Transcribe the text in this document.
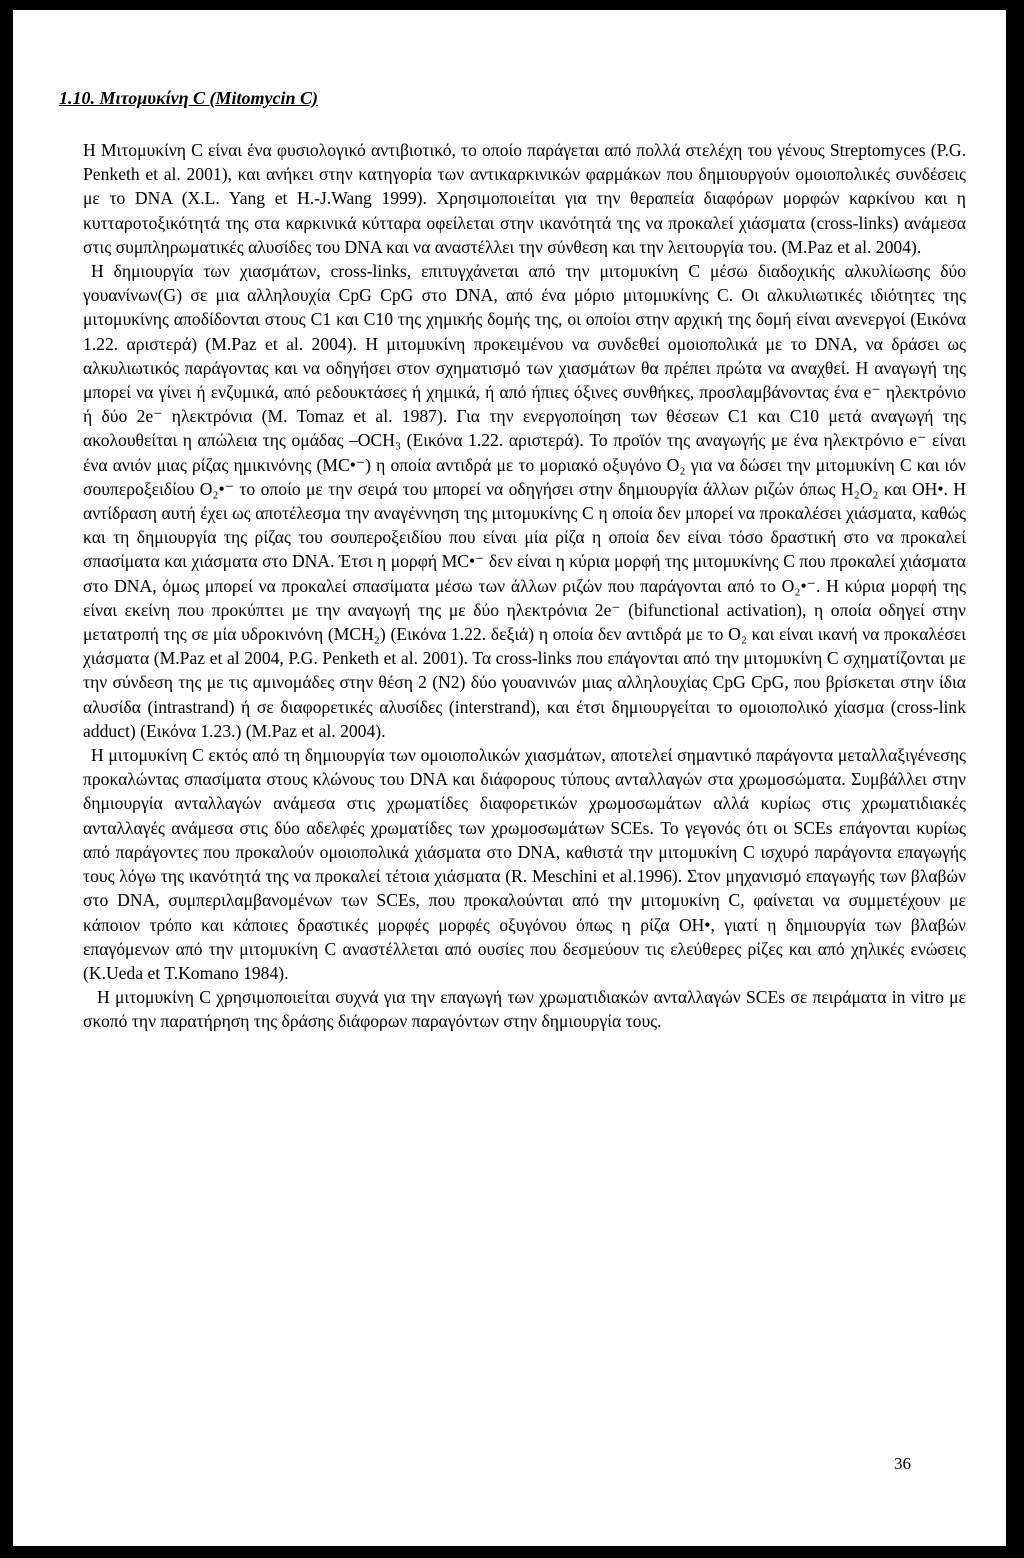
1.10. Μιτομυκίνη C (Mitomycin C)

Η Μιτομυκίνη C είναι ένα φυσιολογικό αντιβιοτικό, το οποίο παράγεται από πολλά στελέχη του γένους Streptomyces (P.G. Penketh et al. 2001), και ανήκει στην κατηγορία των αντικαρκινικών φαρμάκων που δημιουργούν ομοιοπολικές συνδέσεις με το DNA (X.L. Yang et H.-J.Wang 1999). Χρησιμοποιείται για την θεραπεία διαφόρων μορφών καρκίνου και η κυτταροτοξικότητά της στα καρκινικά κύτταρα οφείλεται στην ικανότητά της να προκαλεί χιάσματα (cross-links) ανάμεσα στις συμπληρωματικές αλυσίδες του DNA και να αναστέλλει την σύνθεση και την λειτουργία του. (M.Paz et al. 2004).

Η δημιουργία των χιασμάτων, cross-links, επιτυγχάνεται από την μιτομυκίνη C μέσω διαδοχικής αλκυλίωσης δύο γουανίνων(G) σε μια αλληλουχία CpG CpG στο DNA, από ένα μόριο μιτομυκίνης C. Οι αλκυλιωτικές ιδιότητες της μιτομυκίνης αποδίδονται στους C1 και C10 της χημικής δομής της, οι οποίοι στην αρχική της δομή είναι ανενεργοί (Εικόνα 1.22. αριστερά) (M.Paz et al. 2004). Η μιτομυκίνη προκειμένου να συνδεθεί ομοιοπολικά με το DNA, να δράσει ως αλκυλιωτικός παράγοντας και να οδηγήσει στον σχηματισμό των χιασμάτων θα πρέπει πρώτα να αναχθεί. Η αναγωγή της μπορεί να γίνει ή ενζυμικά, από ρεδουκτάσες ή χημικά, ή από ήπιες όξινες συνθήκες, προσλαμβάνοντας ένα e⁻ ηλεκτρόνιο ή δύο 2e⁻ ηλεκτρόνια (M. Tomaz et al. 1987). Για την ενεργοποίηση των θέσεων C1 και C10 μετά αναγωγή της ακολουθείται η απώλεια της ομάδας –OCH₃ (Εικόνα 1.22. αριστερά). Το προϊόν της αναγωγής με ένα ηλεκτρόνιο e⁻ είναι ένα ανιόν μιας ρίζας ημικινόνης (MC•⁻) η οποία αντιδρά με το μοριακό οξυγόνο O₂ για να δώσει την μιτομυκίνη C και ιόν σουπεροξειδίου O₂•⁻ το οποίο με την σειρά του μπορεί να οδηγήσει στην δημιουργία άλλων ριζών όπως H₂O₂ και OH•. Η αντίδραση αυτή έχει ως αποτέλεσμα την αναγέννηση της μιτομυκίνης C η οποία δεν μπορεί να προκαλέσει χιάσματα, καθώς και τη δημιουργία της ρίζας του σουπεροξειδίου που είναι μία ρίζα η οποία δεν είναι τόσο δραστική στο να προκαλεί σπασίματα και χιάσματα στο DNA. Έτσι η μορφή MC•⁻ δεν είναι η κύρια μορφή της μιτομυκίνης C που προκαλεί χιάσματα στο DNA, όμως μπορεί να προκαλεί σπασίματα μέσω των άλλων ριζών που παράγονται από το O₂•⁻. Η κύρια μορφή της είναι εκείνη που προκύπτει με την αναγωγή της με δύο ηλεκτρόνια 2e⁻ (bifunctional activation), η οποία οδηγεί στην μετατροπή της σε μία υδροκινόνη (MCH₂) (Εικόνα 1.22. δεξιά) η οποία δεν αντιδρά με το O₂ και είναι ικανή να προκαλέσει χιάσματα (M.Paz et al 2004, P.G. Penketh et al. 2001). Τα cross-links που επάγονται από την μιτομυκίνη C σχηματίζονται με την σύνδεση της με τις αμινομάδες στην θέση 2 (N2) δύο γουανινών μιας αλληλουχίας CpG CpG, που βρίσκεται στην ίδια αλυσίδα (intrastrand) ή σε διαφορετικές αλυσίδες (interstrand), και έτσι δημιουργείται το ομοιοπολικό χίασμα (cross-link adduct) (Εικόνα 1.23.) (M.Paz et al. 2004).

Η μιτομυκίνη C εκτός από τη δημιουργία των ομοιοπολικών χιασμάτων, αποτελεί σημαντικό παράγοντα μεταλλαξιγένεσης προκαλώντας σπασίματα στους κλώνους του DNA και διάφορους τύπους ανταλλαγών στα χρωμοσώματα. Συμβάλλει στην δημιουργία ανταλλαγών ανάμεσα στις χρωματίδες διαφορετικών χρωμοσωμάτων αλλά κυρίως στις χρωματιδιακές ανταλλαγές ανάμεσα στις δύο αδελφές χρωματίδες των χρωμοσωμάτων SCEs. Το γεγονός ότι οι SCEs επάγονται κυρίως από παράγοντες που προκαλούν ομοιοπολικά χιάσματα στο DNA, καθιστά την μιτομυκίνη C ισχυρό παράγοντα επαγωγής τους λόγω της ικανότητά της να προκαλεί τέτοια χιάσματα (R. Meschini et al.1996). Στον μηχανισμό επαγωγής των βλαβών στο DNA, συμπεριλαμβανομένων των SCEs, που προκαλούνται από την μιτομυκίνη C, φαίνεται να συμμετέχουν με κάποιον τρόπο και κάποιες δραστικές μορφές μορφές οξυγόνου όπως η ρίζα OH•, γιατί η δημιουργία των βλαβών επαγόμενων από την μιτομυκίνη C αναστέλλεται από ουσίες που δεσμεύουν τις ελεύθερες ρίζες και από χηλικές ενώσεις (K.Ueda et T.Komano 1984).

Η μιτομυκίνη C χρησιμοποιείται συχνά για την επαγωγή των χρωματιδιακών ανταλλαγών SCEs σε πειράματα in vitro με σκοπό την παρατήρηση της δράσης διάφορων παραγόντων στην δημιουργία τους.

36
